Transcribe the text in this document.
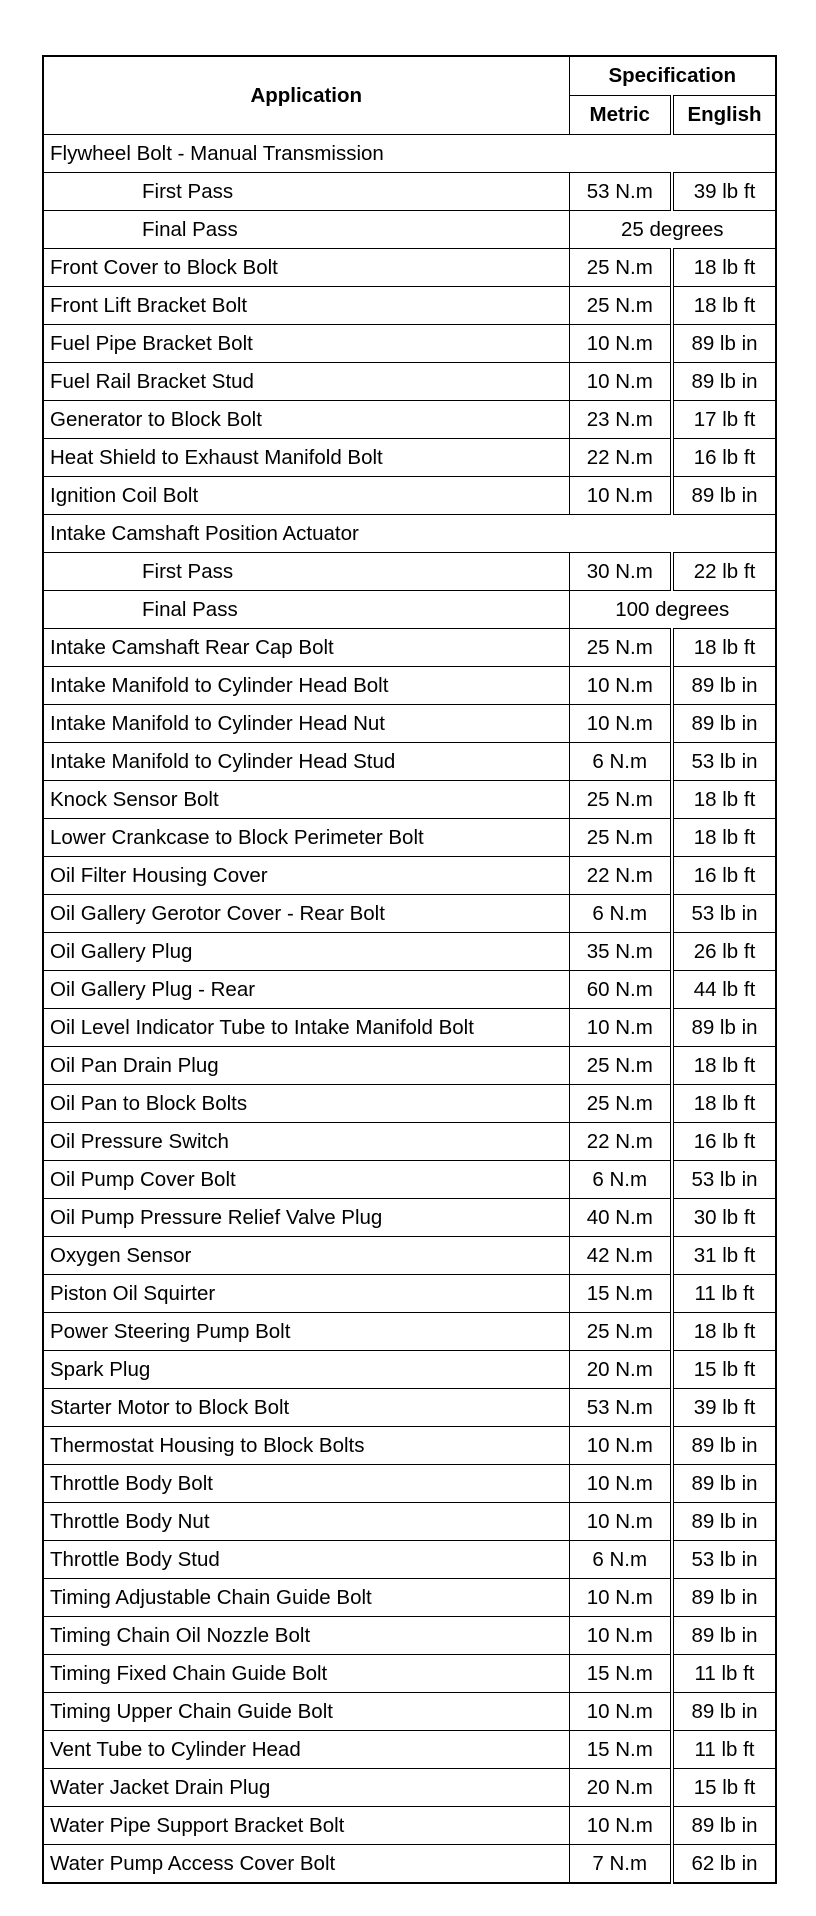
Application	Specification	
	Metric	English
Flywheel Bolt - Manual Transmission		
First Pass	53 N.m	39 lb ft
Final Pass	25 degrees	
Front Cover to Block Bolt	25 N.m	18 lb ft
Front Lift Bracket Bolt	25 N.m	18 lb ft
Fuel Pipe Bracket Bolt	10 N.m	89 lb in
Fuel Rail Bracket Stud	10 N.m	89 lb in
Generator to Block Bolt	23 N.m	17 lb ft
Heat Shield to Exhaust Manifold Bolt	22 N.m	16 lb ft
Ignition Coil Bolt	10 N.m	89 lb in
Intake Camshaft Position Actuator		
First Pass	30 N.m	22 lb ft
Final Pass	100 degrees	
Intake Camshaft Rear Cap Bolt	25 N.m	18 lb ft
Intake Manifold to Cylinder Head Bolt	10 N.m	89 lb in
Intake Manifold to Cylinder Head Nut	10 N.m	89 lb in
Intake Manifold to Cylinder Head Stud	6 N.m	53 lb in
Knock Sensor Bolt	25 N.m	18 lb ft
Lower Crankcase to Block Perimeter Bolt	25 N.m	18 lb ft
Oil Filter Housing Cover	22 N.m	16 lb ft
Oil Gallery Gerotor Cover - Rear Bolt	6 N.m	53 lb in
Oil Gallery Plug	35 N.m	26 lb ft
Oil Gallery Plug - Rear	60 N.m	44 lb ft
Oil Level Indicator Tube to Intake Manifold Bolt	10 N.m	89 lb in
Oil Pan Drain Plug	25 N.m	18 lb ft
Oil Pan to Block Bolts	25 N.m	18 lb ft
Oil Pressure Switch	22 N.m	16 lb ft
Oil Pump Cover Bolt	6 N.m	53 lb in
Oil Pump Pressure Relief Valve Plug	40 N.m	30 lb ft
Oxygen Sensor	42 N.m	31 lb ft
Piston Oil Squirter	15 N.m	11 lb ft
Power Steering Pump Bolt	25 N.m	18 lb ft
Spark Plug	20 N.m	15 lb ft
Starter Motor to Block Bolt	53 N.m	39 lb ft
Thermostat Housing to Block Bolts	10 N.m	89 lb in
Throttle Body Bolt	10 N.m	89 lb in
Throttle Body Nut	10 N.m	89 lb in
Throttle Body Stud	6 N.m	53 lb in
Timing Adjustable Chain Guide Bolt	10 N.m	89 lb in
Timing Chain Oil Nozzle Bolt	10 N.m	89 lb in
Timing Fixed Chain Guide Bolt	15 N.m	11 lb ft
Timing Upper Chain Guide Bolt	10 N.m	89 lb in
Vent Tube to Cylinder Head	15 N.m	11 lb ft
Water Jacket Drain Plug	20 N.m	15 lb ft
Water Pipe Support Bracket Bolt	10 N.m	89 lb in
Water Pump Access Cover Bolt	7 N.m	62 lb in
